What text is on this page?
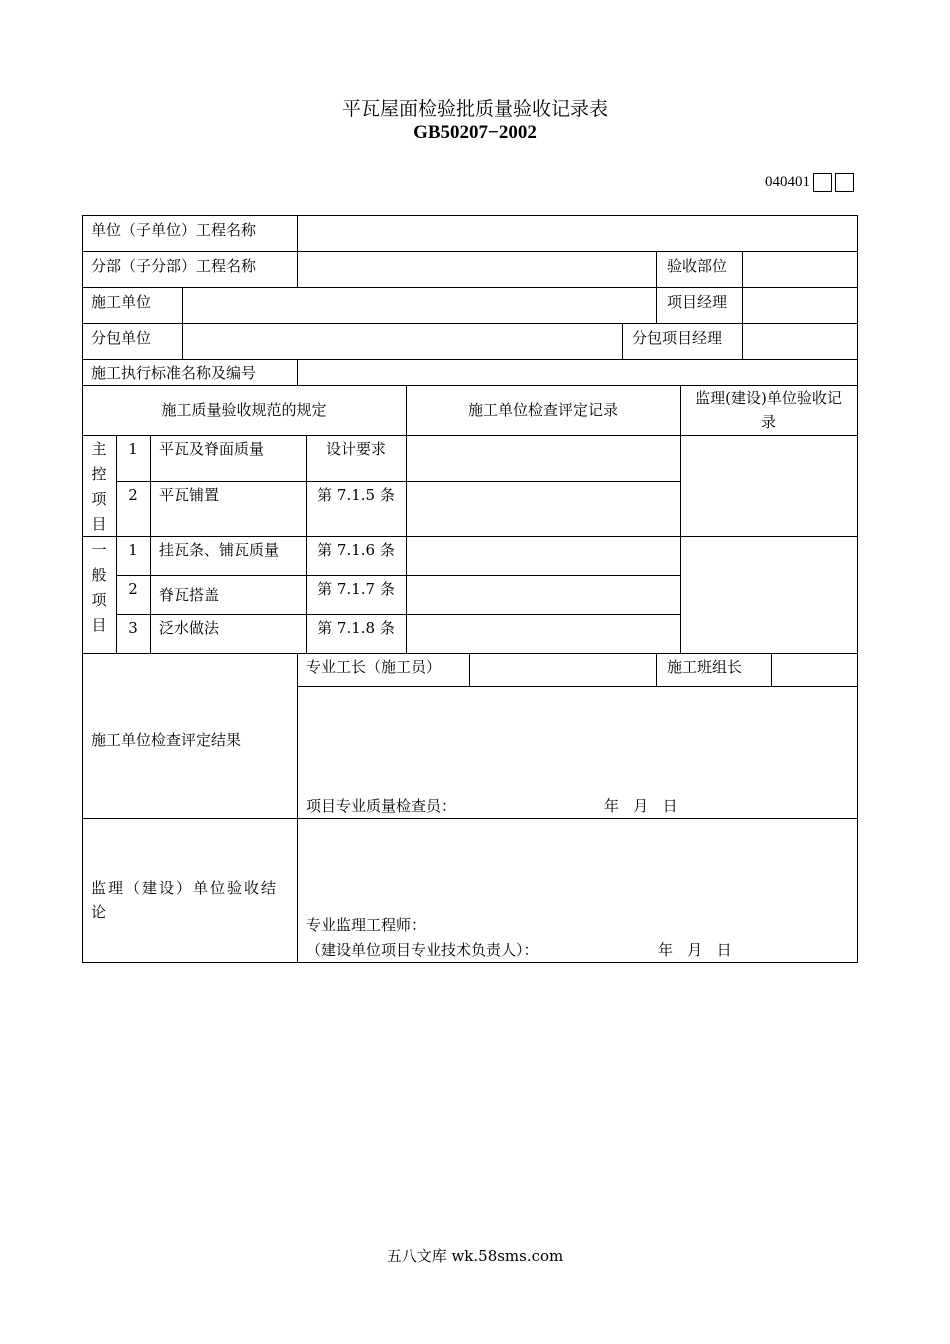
平瓦屋面检验批质量验收记录表
GB50207−2002
040401
单位（子单位）工程名称
分部（子分部）工程名称	验收部位
施工单位	项目经理
分包单位	分包项目经理
施工执行标准名称及编号
施工质量验收规范的规定	施工单位检查评定记录
监理(建设)单位验收记
录
主
控
项
目
1	平瓦及脊面质量	设计要求
2	平瓦铺置	第 7.1.5 条
一
般
项
目
1	挂瓦条、铺瓦质量	第 7.1.6 条
2	脊瓦搭盖	第 7.1.7 条
3	泛水做法	第 7.1.8 条
专业工长（施工员）	施工班组长
施工单位检查评定结果
项目专业质量检查员：	年   月   日
监理（建设）单位验收结
论
专业监理工程师：
（建设单位项目专业技术负责人）：	年   月   日
五八文库 wk.58sms.com
